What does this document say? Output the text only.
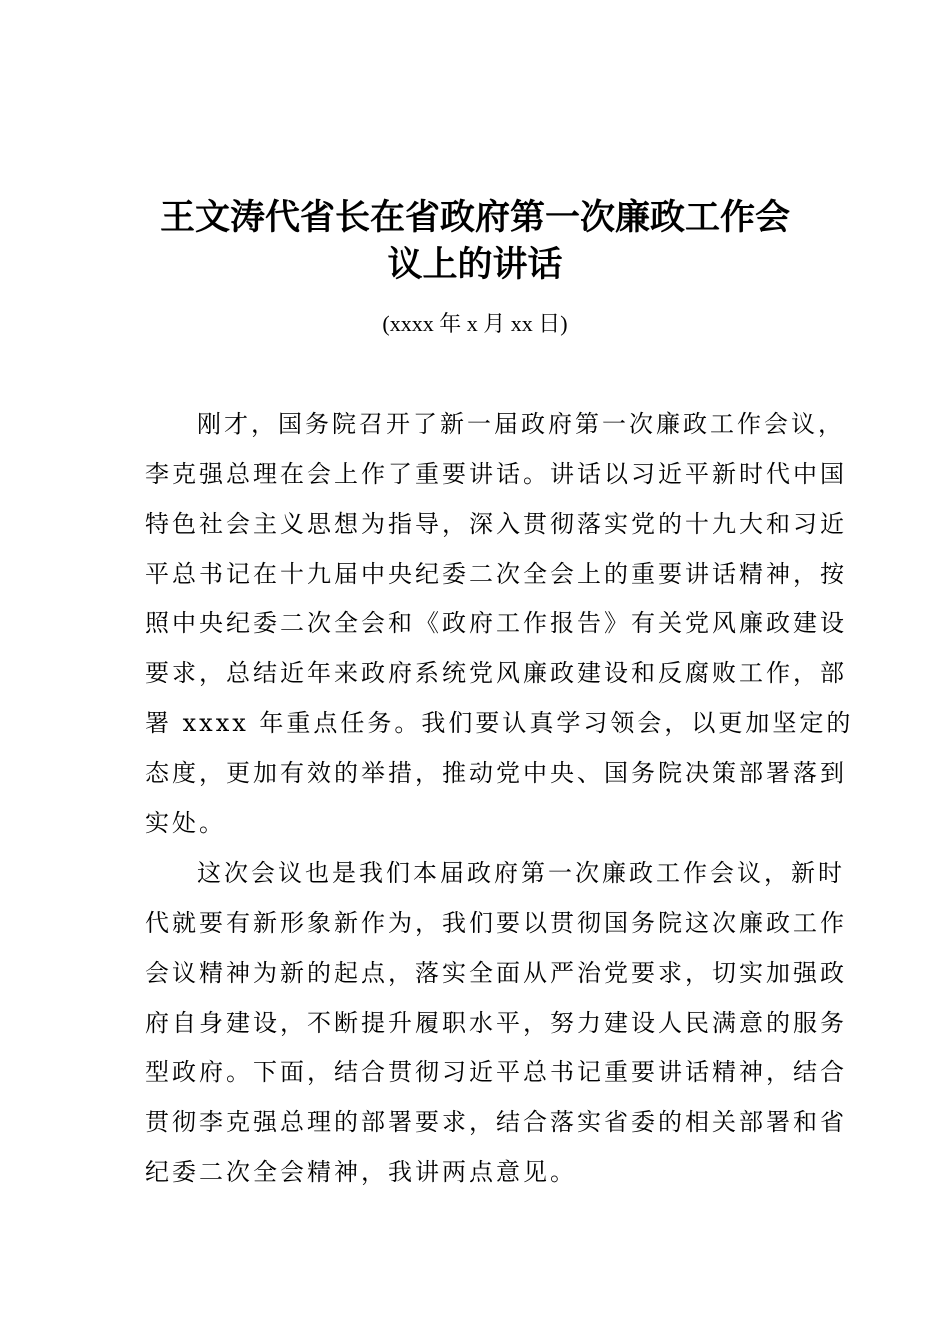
王文涛代省长在省政府第一次廉政工作会
议上的讲话

(xxxx 年 x 月 xx 日)

刚才，国务院召开了新一届政府第一次廉政工作会议，
李克强总理在会上作了重要讲话。讲话以习近平新时代中国
特色社会主义思想为指导，深入贯彻落实党的十九大和习近
平总书记在十九届中央纪委二次全会上的重要讲话精神，按
照中央纪委二次全会和《政府工作报告》有关党风廉政建设
要求，总结近年来政府系统党风廉政建设和反腐败工作，部
署 xxxx 年重点任务。我们要认真学习领会，以更加坚定的
态度，更加有效的举措，推动党中央、国务院决策部署落到
实处。
这次会议也是我们本届政府第一次廉政工作会议，新时
代就要有新形象新作为，我们要以贯彻国务院这次廉政工作
会议精神为新的起点，落实全面从严治党要求，切实加强政
府自身建设，不断提升履职水平，努力建设人民满意的服务
型政府。下面，结合贯彻习近平总书记重要讲话精神，结合
贯彻李克强总理的部署要求，结合落实省委的相关部署和省
纪委二次全会精神，我讲两点意见。
